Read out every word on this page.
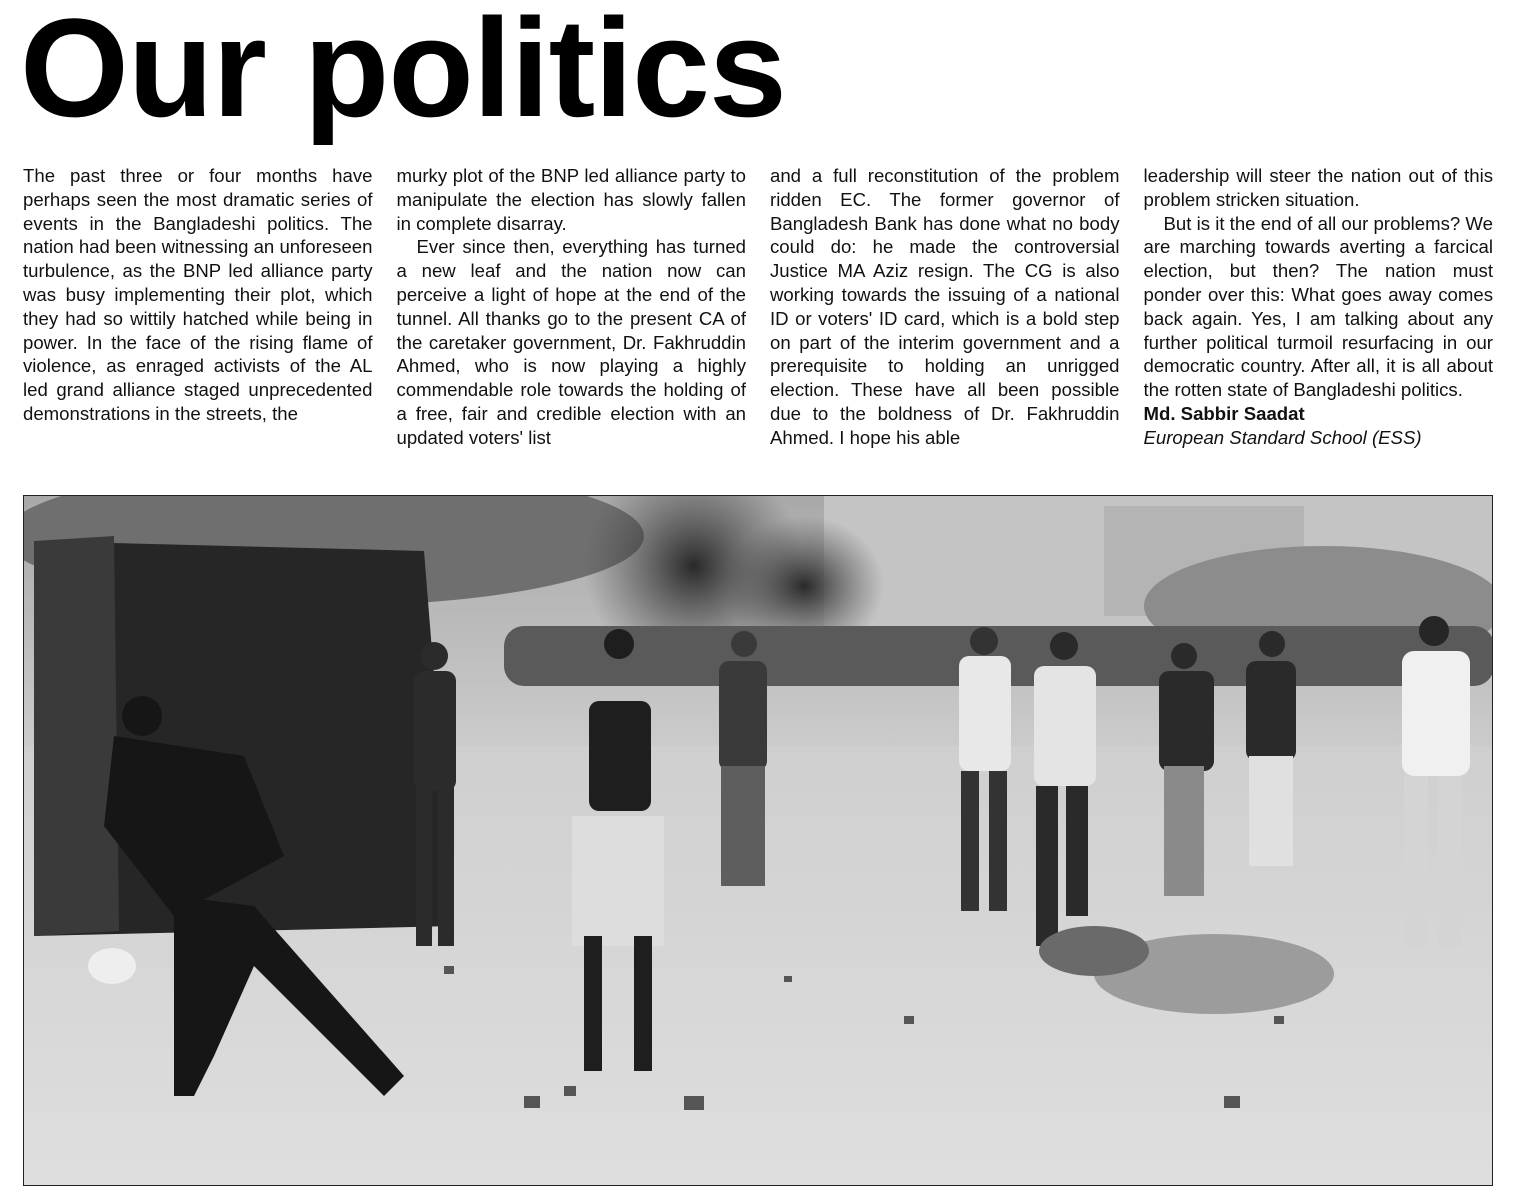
Our politics

The past three or four months have perhaps seen the most dramatic series of events in the Bangladeshi politics. The nation had been witnessing an unforeseen turbulence, as the BNP led alliance party was busy implementing their plot, which they had so wittily hatched while being in power. In the face of the rising flame of violence, as enraged activists of the AL led grand alliance staged unprecedented demonstrations in the streets, the

murky plot of the BNP led alliance party to manipulate the election has slowly fallen in complete disarray.

Ever since then, everything has turned a new leaf and the nation now can perceive a light of hope at the end of the tunnel. All thanks go to the present CA of the caretaker government, Dr. Fakhruddin Ahmed, who is now playing a highly commendable role towards the holding of a free, fair and credible election with an updated voters' list

and a full reconstitution of the problem ridden EC. The former governor of Bangladesh Bank has done what no body could do: he made the controversial Justice MA Aziz resign. The CG is also working towards the issuing of a national ID or voters' ID card, which is a bold step on part of the interim government and a prerequisite to holding an unrigged election. These have all been possible due to the boldness of Dr. Fakhruddin Ahmed. I hope his able

leadership will steer the nation out of this problem stricken situation.

But is it the end of all our problems? We are marching towards averting a farcical election, but then? The nation must ponder over this: What goes away comes back again. Yes, I am talking about any further political turmoil resurfacing in our democratic country. After all, it is all about the rotten state of Bangladeshi politics.

Md. Sabbir Saadat

European Standard School (ESS)
